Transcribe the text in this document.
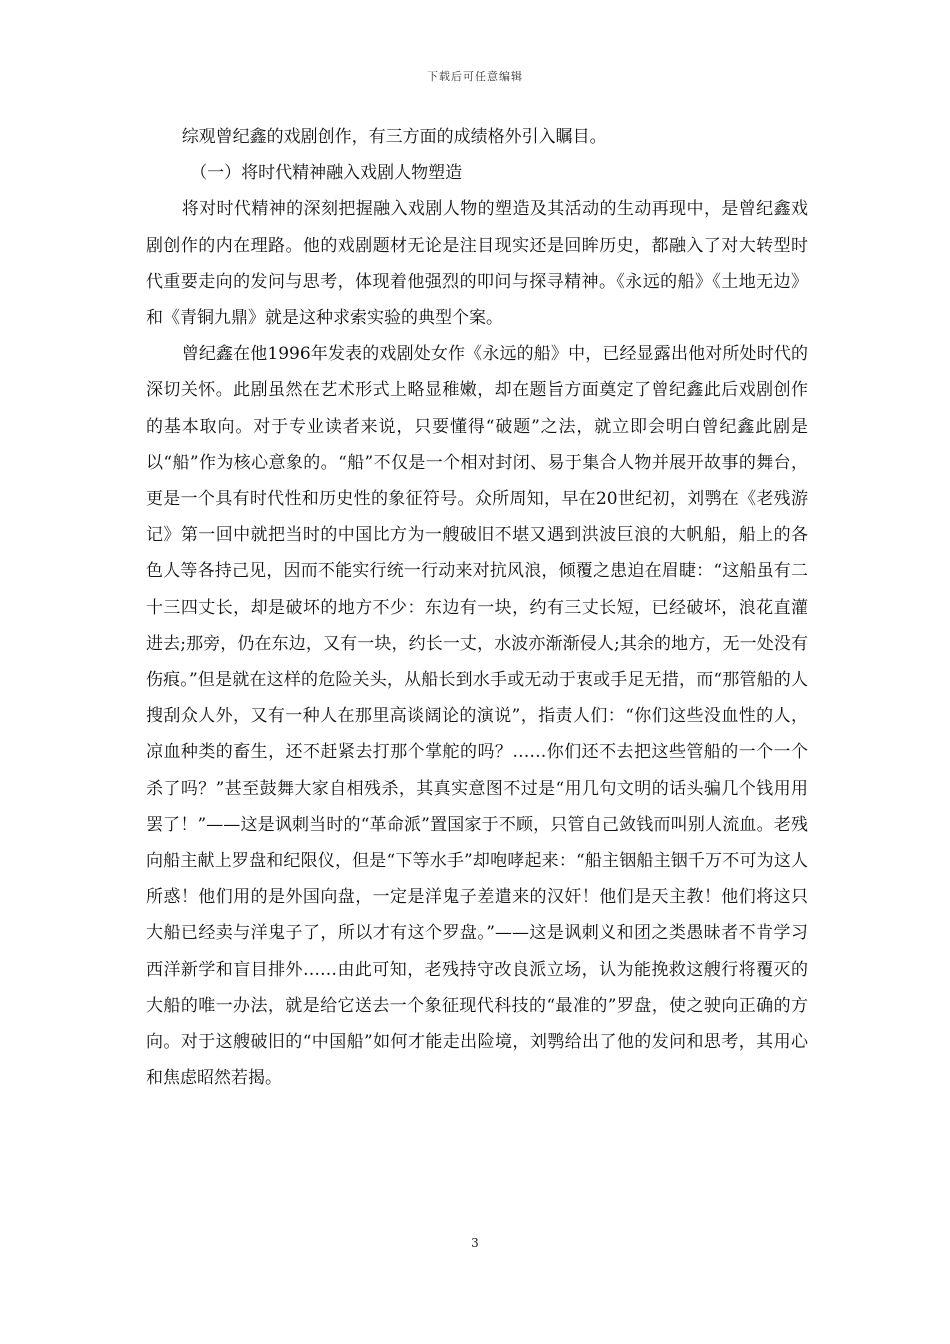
下载后可任意编辑

综观曾纪鑫的戏剧创作，有三方面的成绩格外引入瞩目。

（一）将时代精神融入戏剧人物塑造

将对时代精神的深刻把握融入戏剧人物的塑造及其活动的生动再现中，是曾纪鑫戏剧创作的内在理路。他的戏剧题材无论是注目现实还是回眸历史，都融入了对大转型时代重要走向的发问与思考，体现着他强烈的叩问与探寻精神。《永远的船》《土地无边》和《青铜九鼎》就是这种求索实验的典型个案。

曾纪鑫在他1996年发表的戏剧处女作《永远的船》中，已经显露出他对所处时代的深切关怀。此剧虽然在艺术形式上略显稚嫩，却在题旨方面奠定了曾纪鑫此后戏剧创作的基本取向。对于专业读者来说，只要懂得“破题”之法，就立即会明白曾纪鑫此剧是以“船”作为核心意象的。“船”不仅是一个相对封闭、易于集合人物并展开故事的舞台，更是一个具有时代性和历史性的象征符号。众所周知，早在20世纪初，刘鹗在《老残游记》第一回中就把当时的中国比方为一艘破旧不堪又遇到洪波巨浪的大帆船，船上的各色人等各持己见，因而不能实行统一行动来对抗风浪，倾覆之患迫在眉睫：“这船虽有二十三四丈长，却是破坏的地方不少：东边有一块，约有三丈长短，已经破坏，浪花直灌进去;那旁，仍在东边，又有一块，约长一丈，水波亦渐渐侵人;其余的地方，无一处没有伤痕。”但是就在这样的危险关头，从船长到水手或无动于衷或手足无措，而“那管船的人搜刮众人外，又有一种人在那里高谈阔论的演说”，指责人们：“你们这些没血性的人，凉血种类的畜生，还不赶紧去打那个掌舵的吗？……你们还不去把这些管船的一个一个杀了吗？”甚至鼓舞大家自相残杀，其真实意图不过是“用几句文明的话头骗几个钱用用罢了！”——这是讽刺当时的“革命派”置国家于不顾，只管自己敛钱而叫别人流血。老残向船主献上罗盘和纪限仪，但是“下等水手”却咆哮起来：“船主铟船主铟千万不可为这人所惑！他们用的是外国向盘，一定是洋鬼子差遣来的汉奸！他们是天主教！他们将这只大船已经卖与洋鬼子了，所以才有这个罗盘。”——这是讽刺义和团之类愚昧者不肯学习西洋新学和盲目排外……由此可知，老残持守改良派立场，认为能挽救这艘行将覆灭的大船的唯一办法，就是给它送去一个象征现代科技的“最准的”罗盘，使之驶向正确的方向。对于这艘破旧的“中国船”如何才能走出险境，刘鹗给出了他的发问和思考，其用心和焦虑昭然若揭。

3
